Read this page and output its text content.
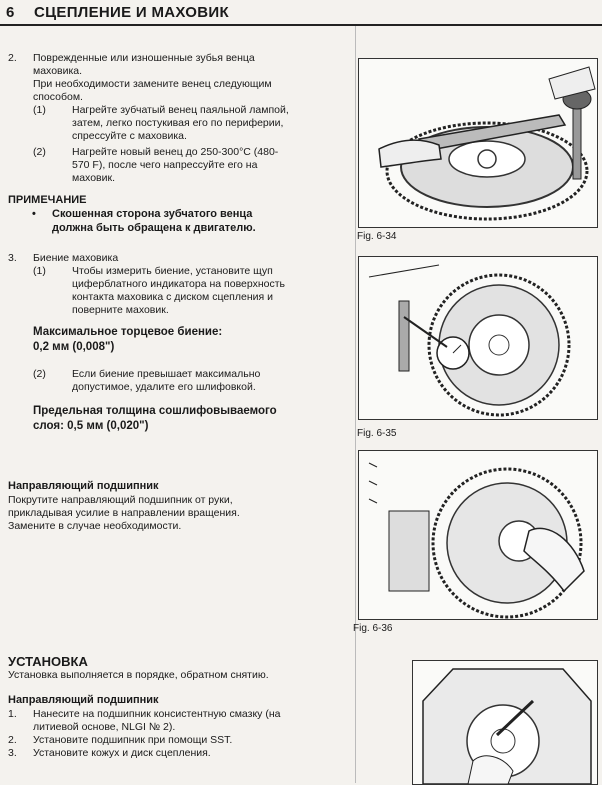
6 СЦЕПЛЕНИЕ И МАХОВИК
2. Поврежденные или изношенные зубья венца
маховика.
При необходимости замените венец следующим
способом.
(1) Нагрейте зубчатый венец паяльной лампой,
затем, легко постукивая его по периферии,
спрессуйте с маховика.
(2) Нагрейте новый венец до 250-300°С (480-
570 F), после чего напрессуйте его на
маховик.
ПРИМЕЧАНИЕ
• Скошенная сторона зубчатого венца
должна быть обращена к двигателю.
3. Биение маховика
(1) Чтобы измерить биение, установите щуп
циферблатного индикатора на поверхность
контакта маховика с диском сцепления и
поверните маховик.
Максимальное торцевое биение:
0,2 мм (0,008")
(2) Если биение превышает максимально
допустимое, удалите его шлифовкой.
Предельная толщина сошлифовываемого
слоя: 0,5 мм (0,020")
Направляющий подшипник
Покрутите направляющий подшипник от руки,
прикладывая усилие в направлении вращения.
Замените в случае необходимости.
УСТАНОВКА
Установка выполняется в порядке, обратном снятию.
Направляющий подшипник
1. Нанесите на подшипник консистентную смазку (на
литиевой основе, NLGI № 2).
2. Установите подшипник при помощи SST.
3. Установите кожух и диск сцепления.
Fig. 6-34
Fig. 6-35
Fig. 6-36
